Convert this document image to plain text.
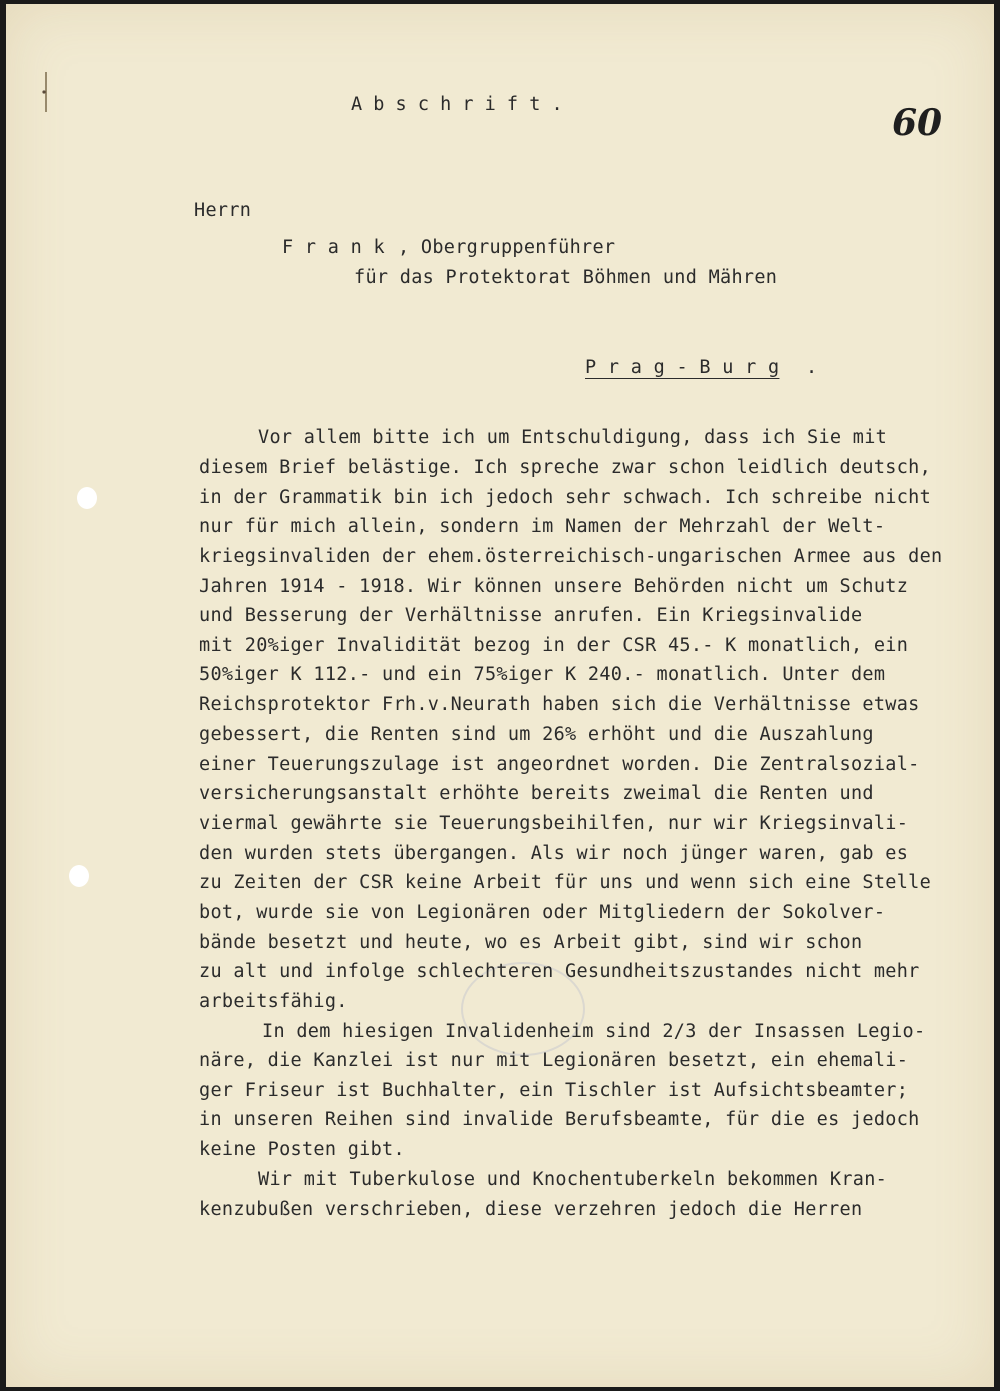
A b s c h r i f t .	60
Herrn
F r a n k , Obergruppenführer
für das Protektorat Böhmen und Mähren
P r a g - B u r g .
Vor allem bitte ich um Entschuldigung, dass ich Sie mit
diesem Brief belästige. Ich spreche zwar schon leidlich deutsch,
in der Grammatik bin ich jedoch sehr schwach. Ich schreibe nicht
nur für mich allein, sondern im Namen der Mehrzahl der Welt-
kriegsinvaliden der ehem.österreichisch-ungarischen Armee aus den
Jahren 1914 - 1918. Wir können unsere Behörden nicht um Schutz
und Besserung der Verhältnisse anrufen. Ein Kriegsinvalide
mit 20%iger Invalidität bezog in der CSR 45.- K monatlich, ein
50%iger K 112.- und ein 75%iger K 240.- monatlich. Unter dem
Reichsprotektor Frh.v.Neurath haben sich die Verhältnisse etwas
gebessert, die Renten sind um 26% erhöht und die Auszahlung
einer Teuerungszulage ist angeordnet worden. Die Zentralsozial-
versicherungsanstalt erhöhte bereits zweimal die Renten und
viermal gewährte sie Teuerungsbeihilfen, nur wir Kriegsinvali-
den wurden stets übergangen. Als wir noch jünger waren, gab es
zu Zeiten der CSR keine Arbeit für uns und wenn sich eine Stelle
bot, wurde sie von Legionären oder Mitgliedern der Sokolver-
bände besetzt und heute, wo es Arbeit gibt, sind wir schon
zu alt und infolge schlechteren Gesundheitszustandes nicht mehr
arbeitsfähig.
In dem hiesigen Invalidenheim sind 2/3 der Insassen Legio-
näre, die Kanzlei ist nur mit Legionären besetzt, ein ehemali-
ger Friseur ist Buchhalter, ein Tischler ist Aufsichtsbeamter;
in unseren Reihen sind invalide Berufsbeamte, für die es jedoch
keine Posten gibt.
Wir mit Tuberkulose und Knochentuberkeln bekommen Kran-
kenzubußen verschrieben, diese verzehren jedoch die Herren
